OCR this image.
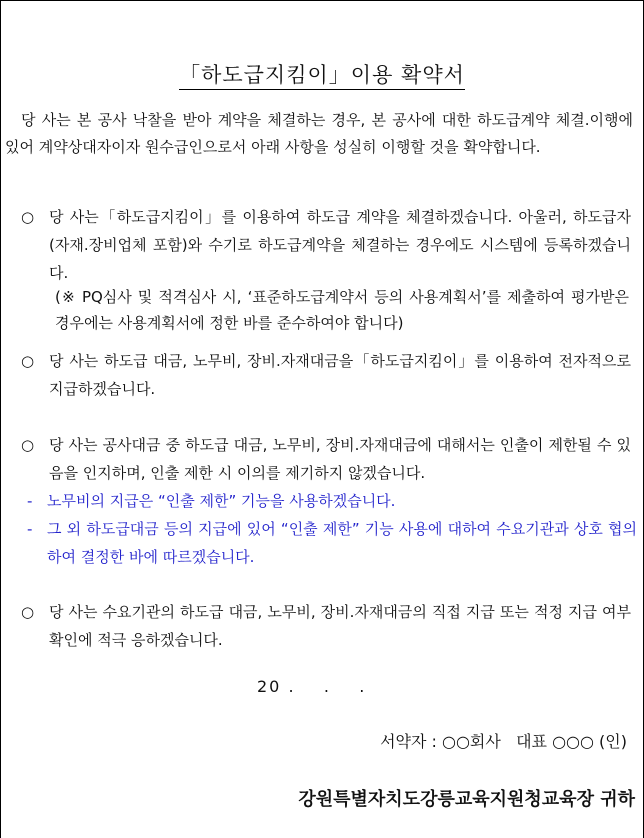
「하도급지킴이」이용 확약서
당 사는 본 공사 낙찰을 받아 계약을 체결하는 경우, 본 공사에 대한 하도급계약 체결.이행에 있어 계약상대자이자 원수급인으로서 아래 사항을 성실히 이행할 것을 확약합니다.
○ 당 사는「하도급지킴이」를 이용하여 하도급 계약을 체결하겠습니다. 아울러, 하도급자(자재.장비업체 포함)와 수기로 하도급계약을 체결하는 경우에도 시스템에 등록하겠습니다.
(※ PQ심사 및 적격심사 시, ‘표준하도급계약서 등의 사용계획서’를 제출하여 평가받은 경우에는 사용계획서에 정한 바를 준수하여야 합니다)
○ 당 사는 하도급 대금, 노무비, 장비.자재대금을「하도급지킴이」를 이용하여 전자적으로 지급하겠습니다.
○ 당 사는 공사대금 중 하도급 대금, 노무비, 장비.자재대금에 대해서는 인출이 제한될 수 있음을 인지하며, 인출 제한 시 이의를 제기하지 않겠습니다.
- 노무비의 지급은 “인출 제한” 기능을 사용하겠습니다.
- 그 외 하도급대금 등의 지급에 있어 “인출 제한” 기능 사용에 대하여 수요기관과 상호 협의하여 결정한 바에 따르겠습니다.
○ 당 사는 수요기관의 하도급 대금, 노무비, 장비.자재대금의 직접 지급 또는 적정 지급 여부 확인에 적극 응하겠습니다.
20 .    .    .
서약자 : ○○회사   대표 ○○○ (인)
강원특별자치도강릉교육지원청교육장 귀하
